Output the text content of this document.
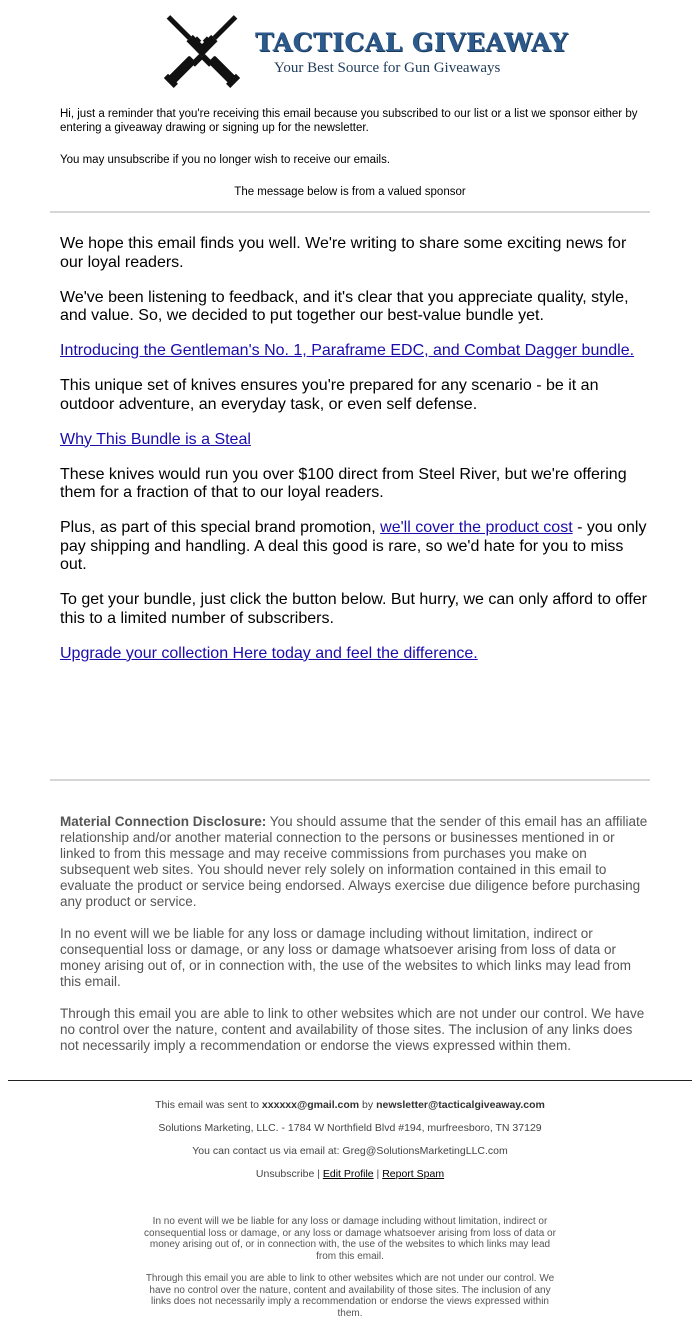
TACTICAL GIVEAWAY
Your Best Source for Gun Giveaways

Hi, just a reminder that you're receiving this email because you subscribed to our list or a list we sponsor either by entering a giveaway drawing or signing up for the newsletter.

You may unsubscribe if you no longer wish to receive our emails.

The message below is from a valued sponsor

We hope this email finds you well. We're writing to share some exciting news for our loyal readers.

We've been listening to feedback, and it's clear that you appreciate quality, style, and value. So, we decided to put together our best-value bundle yet.

Introducing the Gentleman's No. 1, Paraframe EDC, and Combat Dagger bundle.

This unique set of knives ensures you're prepared for any scenario - be it an outdoor adventure, an everyday task, or even self defense.

Why This Bundle is a Steal

These knives would run you over $100 direct from Steel River, but we're offering them for a fraction of that to our loyal readers.

Plus, as part of this special brand promotion, we'll cover the product cost - you only pay shipping and handling. A deal this good is rare, so we'd hate for you to miss out.

To get your bundle, just click the button below. But hurry, we can only afford to offer this to a limited number of subscribers.

Upgrade your collection Here today and feel the difference.

Material Connection Disclosure: You should assume that the sender of this email has an affiliate relationship and/or another material connection to the persons or businesses mentioned in or linked to from this message and may receive commissions from purchases you make on subsequent web sites. You should never rely solely on information contained in this email to evaluate the product or service being endorsed. Always exercise due diligence before purchasing any product or service.

In no event will we be liable for any loss or damage including without limitation, indirect or consequential loss or damage, or any loss or damage whatsoever arising from loss of data or money arising out of, or in connection with, the use of the websites to which links may lead from this email.

Through this email you are able to link to other websites which are not under our control. We have no control over the nature, content and availability of those sites. The inclusion of any links does not necessarily imply a recommendation or endorse the views expressed within them.

This email was sent to xxxxxx@gmail.com by newsletter@tacticalgiveaway.com

Solutions Marketing, LLC. - 1784 W Northfield Blvd #194, murfreesboro, TN 37129

You can contact us via email at: Greg@SolutionsMarketingLLC.com

Unsubscribe | Edit Profile | Report Spam

In no event will we be liable for any loss or damage including without limitation, indirect or consequential loss or damage, or any loss or damage whatsoever arising from loss of data or money arising out of, or in connection with, the use of the websites to which links may lead from this email.

Through this email you are able to link to other websites which are not under our control. We have no control over the nature, content and availability of those sites. The inclusion of any links does not necessarily imply a recommendation or endorse the views expressed within them.
